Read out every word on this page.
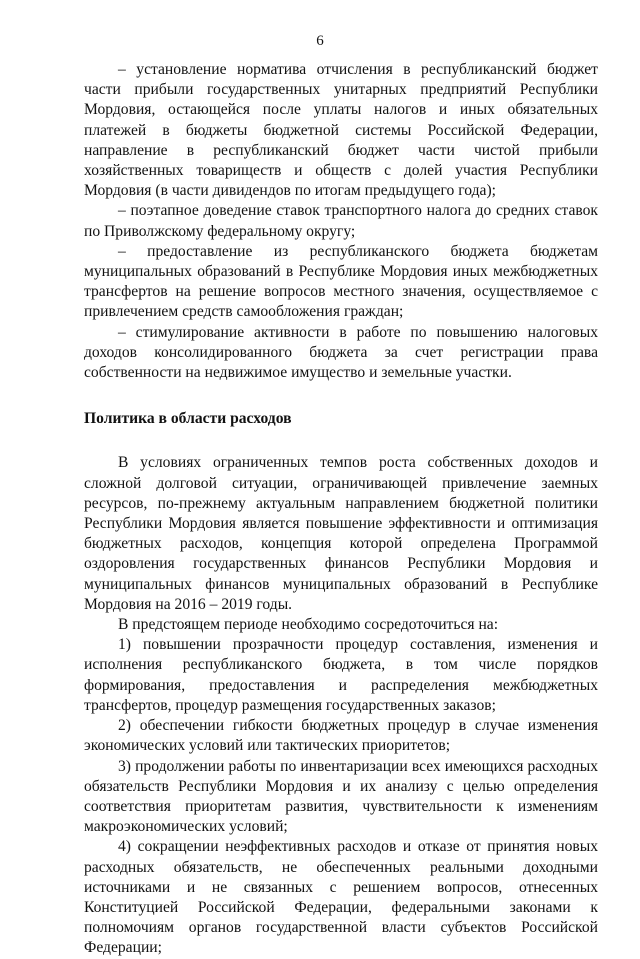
6

– установление норматива отчисления в республиканский бюджет части прибыли государственных унитарных предприятий Республики Мордовия, остающейся после уплаты налогов и иных обязательных платежей в бюджеты бюджетной системы Российской Федерации, направление в республиканский бюджет части чистой прибыли хозяйственных товариществ и обществ с долей участия Республики Мордовия (в части дивидендов по итогам предыдущего года);

– поэтапное доведение ставок транспортного налога до средних ставок по Приволжскому федеральному округу;

– предоставление из республиканского бюджета бюджетам муниципальных образований в Республике Мордовия иных межбюджетных трансфертов на решение вопросов местного значения, осуществляемое с привлечением средств самообложения граждан;

– стимулирование активности в работе по повышению налоговых доходов консолидированного бюджета за счет регистрации права собственности на недвижимое имущество и земельные участки.

Политика в области расходов

В условиях ограниченных темпов роста собственных доходов и сложной долговой ситуации, ограничивающей привлечение заемных ресурсов, по-прежнему актуальным направлением бюджетной политики Республики Мордовия является повышение эффективности и оптимизация бюджетных расходов, концепция которой определена Программой оздоровления государственных финансов Республики Мордовия и муниципальных финансов муниципальных образований в Республике Мордовия на 2016 – 2019 годы.

В предстоящем периоде необходимо сосредоточиться на:

1) повышении прозрачности процедур составления, изменения и исполнения республиканского бюджета, в том числе порядков формирования, предоставления и распределения межбюджетных трансфертов, процедур размещения государственных заказов;

2) обеспечении гибкости бюджетных процедур в случае изменения экономических условий или тактических приоритетов;

3) продолжении работы по инвентаризации всех имеющихся расходных обязательств Республики Мордовия и их анализу с целью определения соответствия приоритетам развития, чувствительности к изменениям макроэкономических условий;

4) сокращении неэффективных расходов и отказе от принятия новых расходных обязательств, не обеспеченных реальными доходными источниками и не связанных с решением вопросов, отнесенных Конституцией Российской Федерации, федеральными законами к полномочиям органов государственной власти субъектов Российской Федерации;
